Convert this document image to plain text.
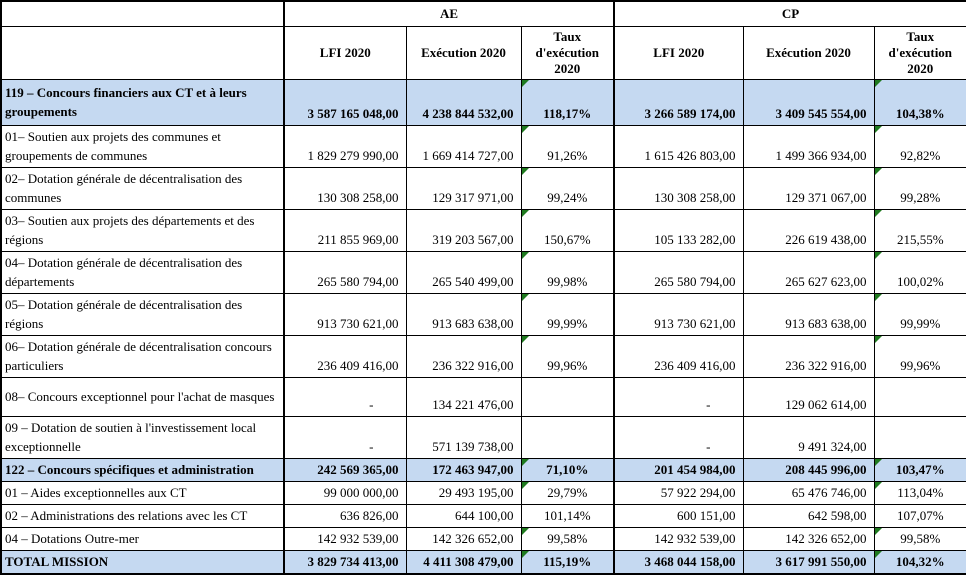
	AE			CP		
	LFI 2020	Exécution 2020	Taux d'exécution 2020	LFI 2020	Exécution 2020	Taux d'exécution 2020
119 – Concours financiers aux CT et à leurs groupements	3 587 165 048,00	4 238 844 532,00	118,17%	3 266 589 174,00	3 409 545 554,00	104,38%
01– Soutien aux projets des communes et groupements de communes	1 829 279 990,00	1 669 414 727,00	91,26%	1 615 426 803,00	1 499 366 934,00	92,82%
02– Dotation générale de décentralisation des communes	130 308 258,00	129 317 971,00	99,24%	130 308 258,00	129 371 067,00	99,28%
03– Soutien aux projets des départements et des régions	211 855 969,00	319 203 567,00	150,67%	105 133 282,00	226 619 438,00	215,55%
04– Dotation générale de décentralisation des départements	265 580 794,00	265 540 499,00	99,98%	265 580 794,00	265 627 623,00	100,02%
05– Dotation générale de décentralisation des régions	913 730 621,00	913 683 638,00	99,99%	913 730 621,00	913 683 638,00	99,99%
06– Dotation générale de décentralisation concours particuliers	236 409 416,00	236 322 916,00	99,96%	236 409 416,00	236 322 916,00	99,96%
08– Concours exceptionnel pour l'achat de masques	-	134 221 476,00		-	129 062 614,00	
09 – Dotation de soutien à l'investissement local exceptionnelle	-	571 139 738,00		-	9 491 324,00	
122 – Concours spécifiques et administration	242 569 365,00	172 463 947,00	71,10%	201 454 984,00	208 445 996,00	103,47%
01 – Aides exceptionnelles aux CT	99 000 000,00	29 493 195,00	29,79%	57 922 294,00	65 476 746,00	113,04%
02 – Administrations des relations avec les CT	636 826,00	644 100,00	101,14%	600 151,00	642 598,00	107,07%
04 – Dotations Outre-mer	142 932 539,00	142 326 652,00	99,58%	142 932 539,00	142 326 652,00	99,58%
TOTAL MISSION	3 829 734 413,00	4 411 308 479,00	115,19%	3 468 044 158,00	3 617 991 550,00	104,32%
